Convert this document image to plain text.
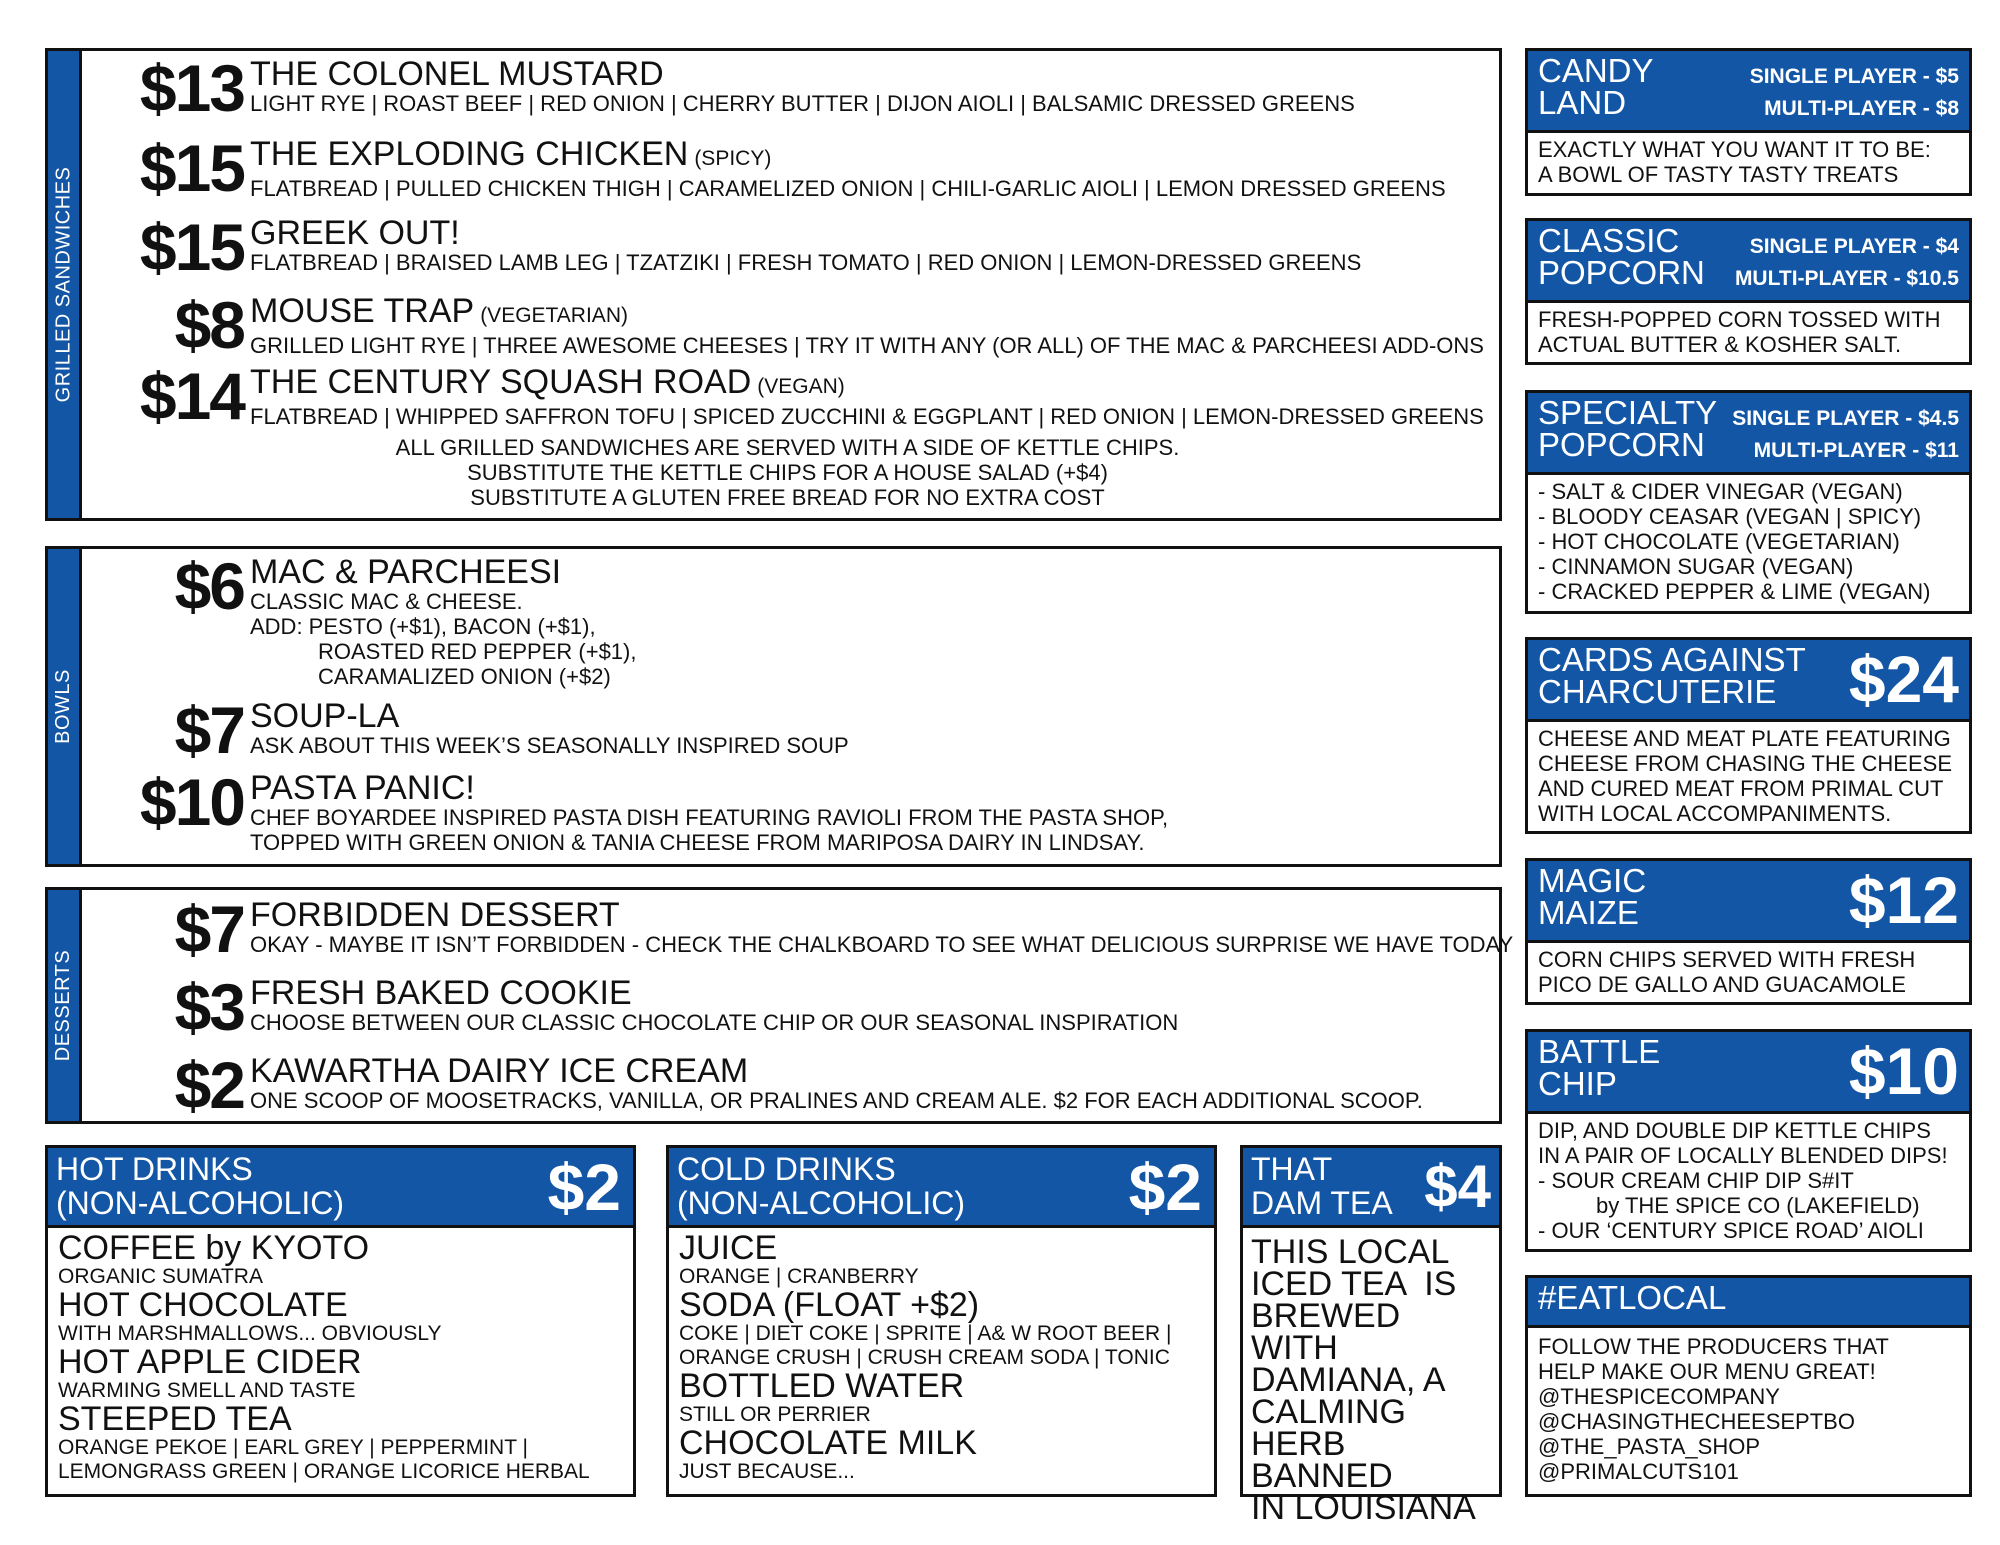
GRILLED SANDWICHES
$13 THE COLONEL MUSTARD
LIGHT RYE | ROAST BEEF | RED ONION | CHERRY BUTTER | DIJON AIOLI | BALSAMIC DRESSED GREENS
$15 THE EXPLODING CHICKEN (SPICY)
FLATBREAD | PULLED CHICKEN THIGH | CARAMELIZED ONION | CHILI-GARLIC AIOLI | LEMON DRESSED GREENS
$15 GREEK OUT!
FLATBREAD | BRAISED LAMB LEG | TZATZIKI | FRESH TOMATO | RED ONION | LEMON-DRESSED GREENS
$8 MOUSE TRAP (VEGETARIAN)
GRILLED LIGHT RYE | THREE AWESOME CHEESES | TRY IT WITH ANY (OR ALL) OF THE MAC & PARCHEESI ADD-ONS
$14 THE CENTURY SQUASH ROAD (VEGAN)
FLATBREAD | WHIPPED SAFFRON TOFU | SPICED ZUCCHINI & EGGPLANT | RED ONION | LEMON-DRESSED GREENS
ALL GRILLED SANDWICHES ARE SERVED WITH A SIDE OF KETTLE CHIPS.
SUBSTITUTE THE KETTLE CHIPS FOR A HOUSE SALAD (+$4)
SUBSTITUTE A GLUTEN FREE BREAD FOR NO EXTRA COST
BOWLS
$6 MAC & PARCHEESI
CLASSIC MAC & CHEESE.
ADD: PESTO (+$1), BACON (+$1),
ROASTED RED PEPPER (+$1),
CARAMALIZED ONION (+$2)
$7 SOUP-LA
ASK ABOUT THIS WEEK’S SEASONALLY INSPIRED SOUP
$10 PASTA PANIC!
CHEF BOYARDEE INSPIRED PASTA DISH FEATURING RAVIOLI FROM THE PASTA SHOP,
TOPPED WITH GREEN ONION & TANIA CHEESE FROM MARIPOSA DAIRY IN LINDSAY.
DESSERTS
$7 FORBIDDEN DESSERT
OKAY - MAYBE IT ISN’T FORBIDDEN - CHECK THE CHALKBOARD TO SEE WHAT DELICIOUS SURPRISE WE HAVE TODAY
$3 FRESH BAKED COOKIE
CHOOSE BETWEEN OUR CLASSIC CHOCOLATE CHIP OR OUR SEASONAL INSPIRATION
$2 KAWARTHA DAIRY ICE CREAM
ONE SCOOP OF MOOSETRACKS, VANILLA, OR PRALINES AND CREAM ALE. $2 FOR EACH ADDITIONAL SCOOP.
HOT DRINKS
(NON-ALCOHOLIC)	$2
COFFEE by KYOTO
ORGANIC SUMATRA
HOT CHOCOLATE
WITH MARSHMALLOWS... OBVIOUSLY
HOT APPLE CIDER
WARMING SMELL AND TASTE
STEEPED TEA
ORANGE PEKOE | EARL GREY | PEPPERMINT |
LEMONGRASS GREEN | ORANGE LICORICE HERBAL
COLD DRINKS
(NON-ALCOHOLIC)	$2
JUICE
ORANGE | CRANBERRY
SODA (FLOAT +$2)
COKE | DIET COKE | SPRITE | A& W ROOT BEER |
ORANGE CRUSH | CRUSH CREAM SODA | TONIC
BOTTLED WATER
STILL OR PERRIER
CHOCOLATE MILK
JUST BECAUSE...
THAT
DAM TEA $4
THIS LOCAL
ICED TEA  IS
BREWED WITH
DAMIANA, A
CALMING
HERB BANNED
IN LOUISIANA
CANDY
LAND
SINGLE PLAYER - $5
MULTI-PLAYER - $8
EXACTLY WHAT YOU WANT IT TO BE:
A BOWL OF TASTY TASTY TREATS
CLASSIC
POPCORN
SINGLE PLAYER - $4
MULTI-PLAYER - $10.5
FRESH-POPPED CORN TOSSED WITH
ACTUAL BUTTER & KOSHER SALT.
SPECIALTY
POPCORN
SINGLE PLAYER - $4.5
MULTI-PLAYER - $11
- SALT & CIDER VINEGAR (VEGAN)
- BLOODY CEASAR (VEGAN | SPICY)
- HOT CHOCOLATE (VEGETARIAN)
- CINNAMON SUGAR (VEGAN)
- CRACKED PEPPER & LIME (VEGAN)
CARDS AGAINST
CHARCUTERIE	$24
CHEESE AND MEAT PLATE FEATURING
CHEESE FROM CHASING THE CHEESE
AND CURED MEAT FROM PRIMAL CUT
WITH LOCAL ACCOMPANIMENTS.
MAGIC
MAIZE	$12
CORN CHIPS SERVED WITH FRESH
PICO DE GALLO AND GUACAMOLE
BATTLE
CHIP	$10
DIP, AND DOUBLE DIP KETTLE CHIPS
IN A PAIR OF LOCALLY BLENDED DIPS!
- SOUR CREAM CHIP DIP S#IT
by THE SPICE CO (LAKEFIELD)
- OUR ‘CENTURY SPICE ROAD’ AIOLI
#EATLOCAL
FOLLOW THE PRODUCERS THAT
HELP MAKE OUR MENU GREAT!
@THESPICECOMPANY
@CHASINGTHECHEESEPTBO
@THE_PASTA_SHOP
@PRIMALCUTS101
